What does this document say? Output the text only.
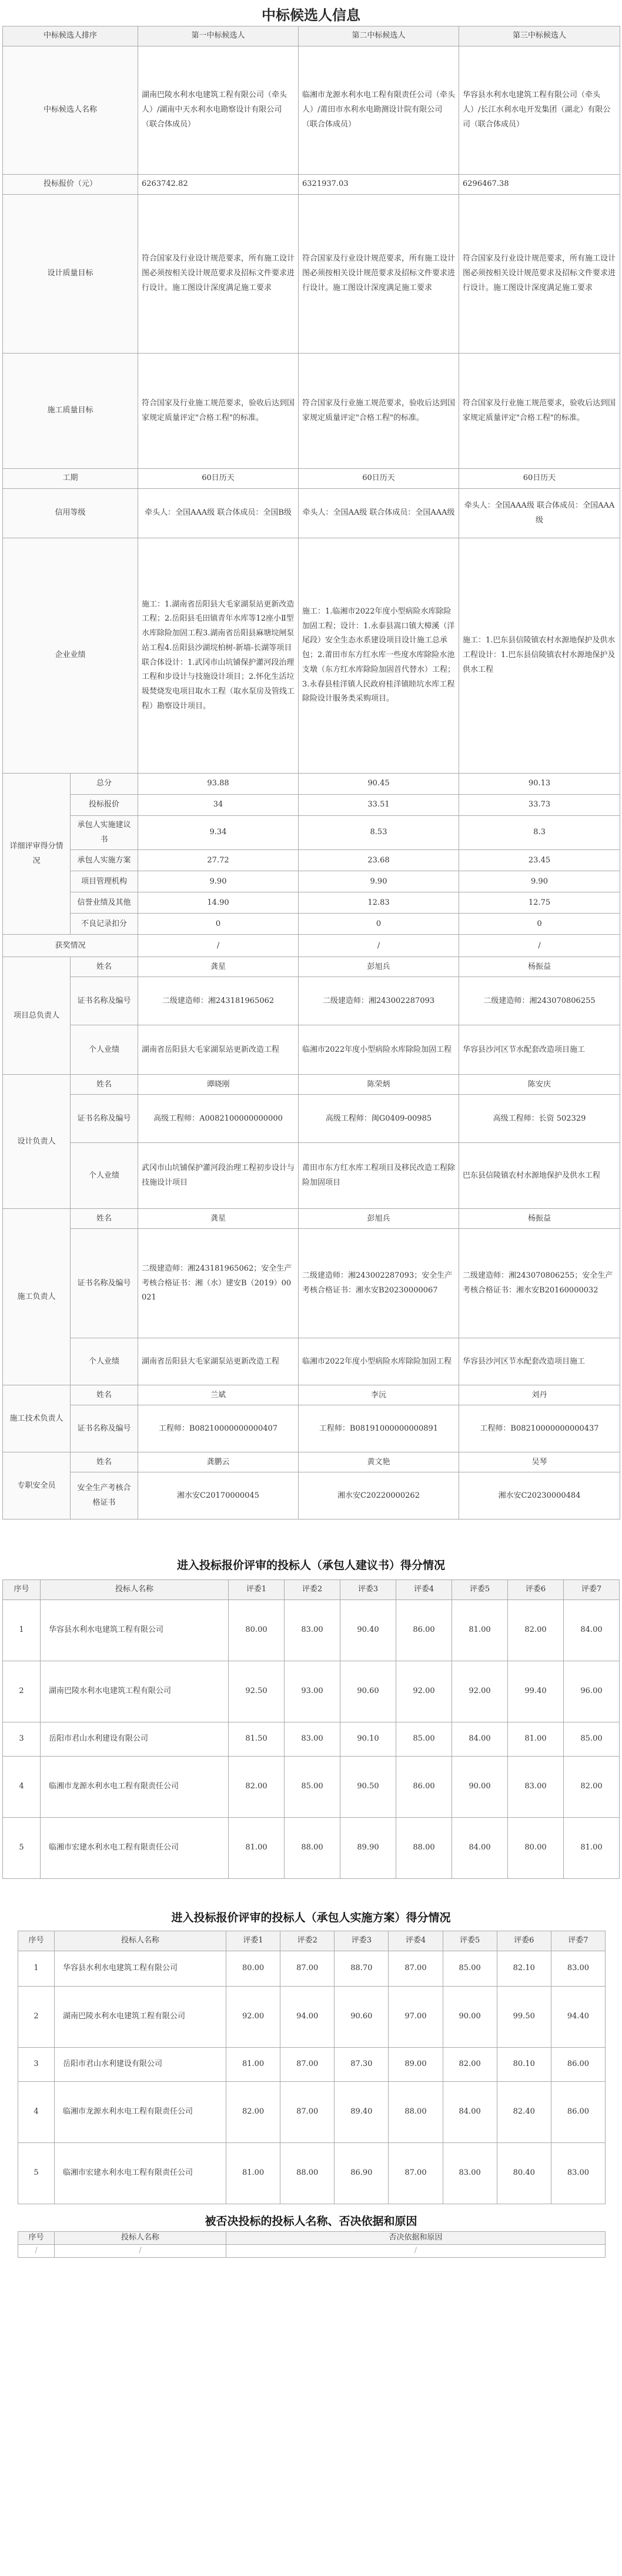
中标候选人信息
中标候选人排序		第一中标候选人	第二中标候选人	第三中标候选人
中标候选人名称		湖南巴陵水利水电建筑工程有限公司（牵头人）/湖南中天水利水电勘察设计有限公司（联合体成员）	临湘市龙源水利水电工程有限责任公司（牵头人）/莆田市水利水电勘测设计院有限公司（联合体成员）	华容县水利水电建筑工程有限公司（牵头人）/长江水利水电开发集团（湖北）有限公司（联合体成员）
投标报价（元）		6263742.82	6321937.03	6296467.38
设计质量目标		符合国家及行业设计规范要求，所有施工设计图必须按相关设计规范要求及招标文件要求进行设计。施工图设计深度满足施工要求	符合国家及行业设计规范要求，所有施工设计图必须按相关设计规范要求及招标文件要求进行设计。施工图设计深度满足施工要求	符合国家及行业设计规范要求，所有施工设计图必须按相关设计规范要求及招标文件要求进行设计。施工图设计深度满足施工要求
施工质量目标		符合国家及行业施工规范要求，验收后达到国家规定质量评定"合格工程"的标准。	符合国家及行业施工规范要求，验收后达到国家规定质量评定"合格工程"的标准。	符合国家及行业施工规范要求，验收后达到国家规定质量评定"合格工程"的标准。
工期		60日历天	60日历天	60日历天
信用等级		牵头人：全国AAA级 联合体成员：全国B级	牵头人：全国AA级 联合体成员：全国AAA级	牵头人：全国AAA级 联合体成员：全国AAA级
企业业绩		施工：1.湖南省岳阳县大毛家湖泵站更新改造工程；2.岳阳县毛田镇青年水库等12座小Ⅱ型水库除险加固工程3.湖南省岳阳县麻塘垸闸泵站工程4.岳阳县沙湖垸柏树-新墙-长湖等项目联合体设计：1.武冈市山坑铺保护灌河段治理工程和步设计与技施设计项目；2.怀化生活垃圾焚烧发电项目取水工程（取水泵房及管线工程）勘察设计项目。	施工：1.临湘市2022年度小型病险水库除险加固工程；设计：1.永泰县嵩口镇大樟溪（洋尾段）安全生态水系建设项目设计施工总承包；2.莆田市东方红水库一些度水库除险水池支墩（东方红水库除险加固首代替水）工程；3.永春县桂洋镇人民政府桂洋镇睦坑水库工程除险设计服务类采购项目。	施工：1.巴东县信陵镇农村水源地保护及供水工程设计：1.巴东县信陵镇农村水源地保护及供水工程
详细评审得分情况	总分	93.88	90.45	90.13
	投标报价	34	33.51	33.73
	承包人实施建议书	9.34	8.53	8.3
	承包人实施方案	27.72	23.68	23.45
	项目管理机构	9.90	9.90	9.90
	信誉业绩及其他	14.90	12.83	12.75
	不良记录扣分	0	0	0
获奖情况		/	/	/
项目总负责人	姓名	龚星	彭旭兵	杨振益
	证书名称及编号	二级建造师：湘243181965062	二级建造师：湘243002287093	二级建造师：湘243070806255
	个人业绩	湖南省岳阳县大毛家湖泵站更新改造工程	临湘市2022年度小型病险水库除险加固工程	华容县沙河区节水配套改造项目施工
设计负责人	姓名	谭晓刚	陈荣炳	陈安庆
	证书名称及编号	高级工程师：A0082100000000000	高级工程师：闽G0409-00985	高级工程师：长资 502329
	个人业绩	武冈市山坑铺保护灌河段治理工程初步设计与技施设计项目	莆田市东方红水库工程项目及移民改造工程除险加固项目	巴东县信陵镇农村水源地保护及供水工程
施工负责人	姓名	龚星	彭旭兵	杨振益
	证书名称及编号	二级建造师：湘243181965062；安全生产考核合格证书：湘（水）建安B（2019）00021	二级建造师：湘243002287093；安全生产考核合格证书：湘水安B20230000067	二级建造师：湘243070806255；安全生产考核合格证书：湘水安B20160000032
	个人业绩	湖南省岳阳县大毛家湖泵站更新改造工程	临湘市2022年度小型病险水库除险加固工程	华容县沙河区节水配套改造项目施工
施工技术负责人	姓名	兰斌	李沅	刘丹
	证书名称及编号	工程师：B08210000000000407	工程师：B08191000000000891	工程师：B08210000000000437
专职安全员	姓名	龚鹏云	黄文艳	吴琴
	安全生产考核合格证书	湘水安C20170000045	湘水安C20220000262	湘水安C20230000484
进入投标报价评审的投标人（承包人建议书）得分情况
序号	投标人名称	评委1	评委2	评委3	评委4	评委5	评委6	评委7
1	华容县水利水电建筑工程有限公司	80.00	83.00	90.40	86.00	81.00	82.00	84.00
2	湖南巴陵水利水电建筑工程有限公司	92.50	93.00	90.60	92.00	92.00	99.40	96.00
3	岳阳市君山水利建设有限公司	81.50	83.00	90.10	85.00	84.00	81.00	85.00
4	临湘市龙源水利水电工程有限责任公司	82.00	85.00	90.50	86.00	90.00	83.00	82.00
5	临湘市宏建水利水电工程有限责任公司	81.00	88.00	89.90	88.00	84.00	80.00	81.00
进入投标报价评审的投标人（承包人实施方案）得分情况
序号	投标人名称	评委1	评委2	评委3	评委4	评委5	评委6	评委7
1	华容县水利水电建筑工程有限公司	80.00	87.00	88.70	87.00	85.00	82.10	83.00
2	湖南巴陵水利水电建筑工程有限公司	92.00	94.00	90.60	97.00	90.00	99.50	94.40
3	岳阳市君山水利建设有限公司	81.00	87.00	87.30	89.00	82.00	80.10	86.00
4	临湘市龙源水利水电工程有限责任公司	82.00	87.00	89.40	88.00	84.00	82.40	86.00
5	临湘市宏建水利水电工程有限责任公司	81.00	88.00	86.90	87.00	83.00	80.40	83.00
被否决投标的投标人名称、否决依据和原因
序号	投标人名称	否决依据和原因
/	/	/
